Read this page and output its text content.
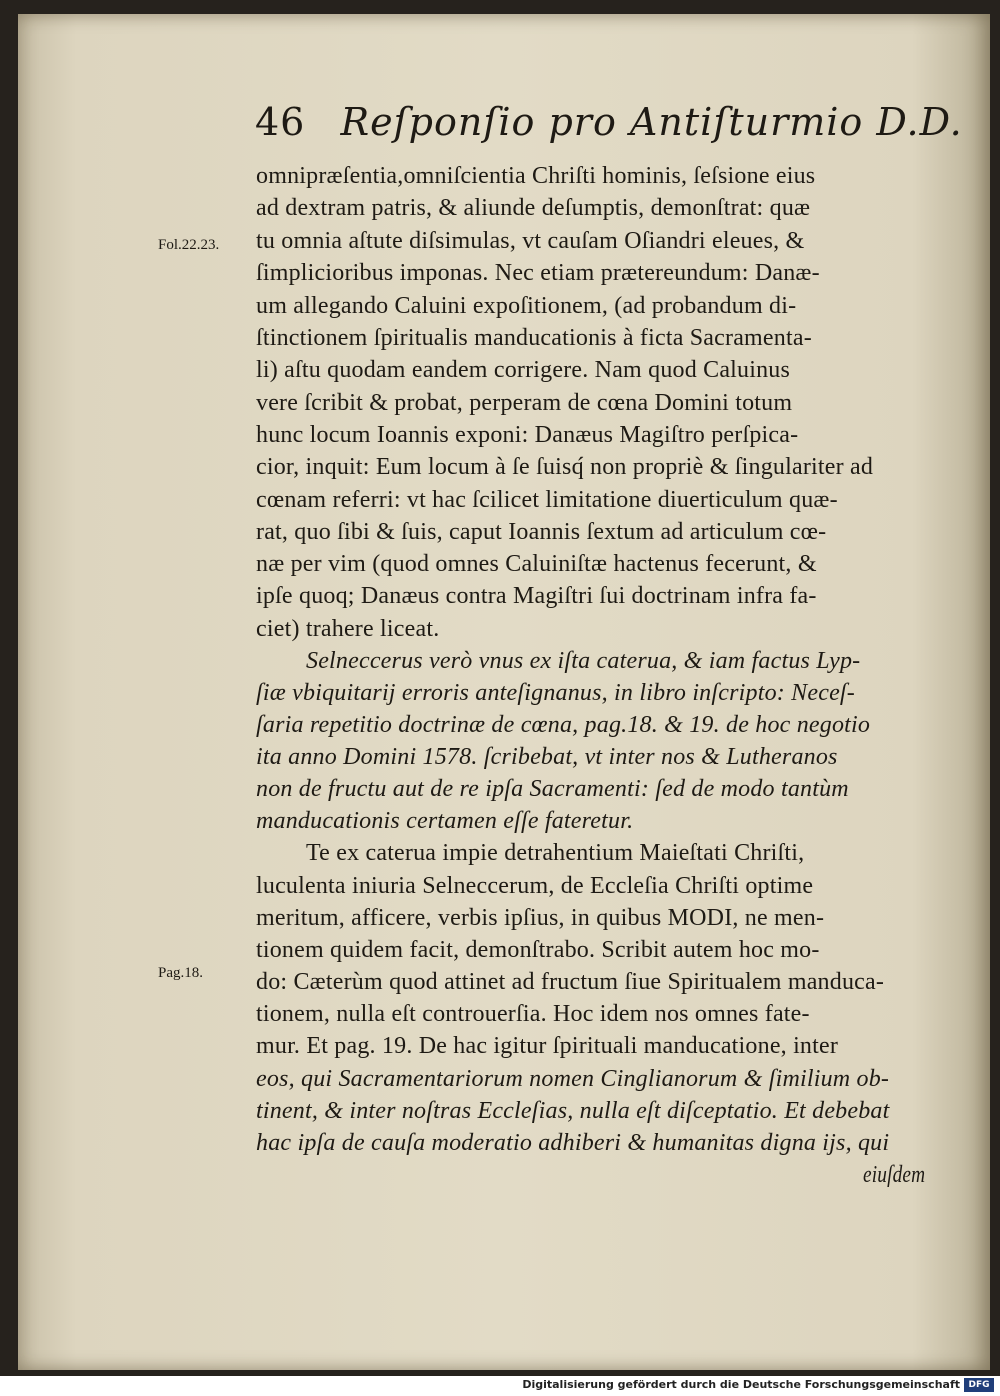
46 Reſponſio pro Antiſturmio D.D.
Fol.22.23.
Pag.18.
omnipræſentia,omniſcientia Chriſti hominis, ſeſsione eius
ad dextram patris, & aliunde deſumptis, demonſtrat: quæ
tu omnia aſtute diſsimulas, vt cauſam Oſiandri eleues, &
ſimplicioribus imponas. Nec etiam prætereundum: Danæ-
um allegando Caluini expoſitionem, (ad probandum di-
ſtinctionem ſpiritualis manducationis à ficta Sacramenta-
li) aſtu quodam eandem corrigere. Nam quod Caluinus
vere ſcribit & probat, perperam de cœna Domini totum
hunc locum Ioannis exponi: Danæus Magiſtro perſpica-
cior, inquit: Eum locum à ſe ſuisq́ non propriè & ſingulariter ad
cœnam referri: vt hac ſcilicet limitatione diuerticulum quæ-
rat, quo ſibi & ſuis, caput Ioannis ſextum ad articulum cœ-
næ per vim (quod omnes Caluiniſtæ hactenus fecerunt, &
ipſe quoq; Danæus contra Magiſtri ſui doctrinam infra fa-
ciet) trahere liceat.
Selneccerus verò vnus ex iſta caterua, & iam factus Lyp-
ſiæ vbiquitarij erroris anteſignanus, in libro inſcripto: Neceſ-
ſaria repetitio doctrinæ de cœna, pag.18. & 19. de hoc negotio
ita anno Domini 1578. ſcribebat, vt inter nos & Lutheranos
non de fructu aut de re ipſa Sacramenti: ſed de modo tantùm
manducationis certamen eſſe fateretur.
Te ex caterua impie detrahentium Maieſtati Chriſti,
luculenta iniuria Selneccerum, de Eccleſia Chriſti optime
meritum, afficere, verbis ipſius, in quibus MODI, ne men-
tionem quidem facit, demonſtrabo. Scribit autem hoc mo-
do: Cæterùm quod attinet ad fructum ſiue Spiritualem manduca-
tionem, nulla eſt controuerſia. Hoc idem nos omnes fate-
mur. Et pag. 19. De hac igitur ſpirituali manducatione, inter
eos, qui Sacramentariorum nomen Cinglianorum & ſimilium ob-
tinent, & inter noſtras Eccleſias, nulla eſt diſceptatio. Et debebat
hac ipſa de cauſa moderatio adhiberi & humanitas digna ijs, qui
eiuſdem
Digitalisierung gefördert durch die Deutsche Forschungsgemeinschaft DFG
